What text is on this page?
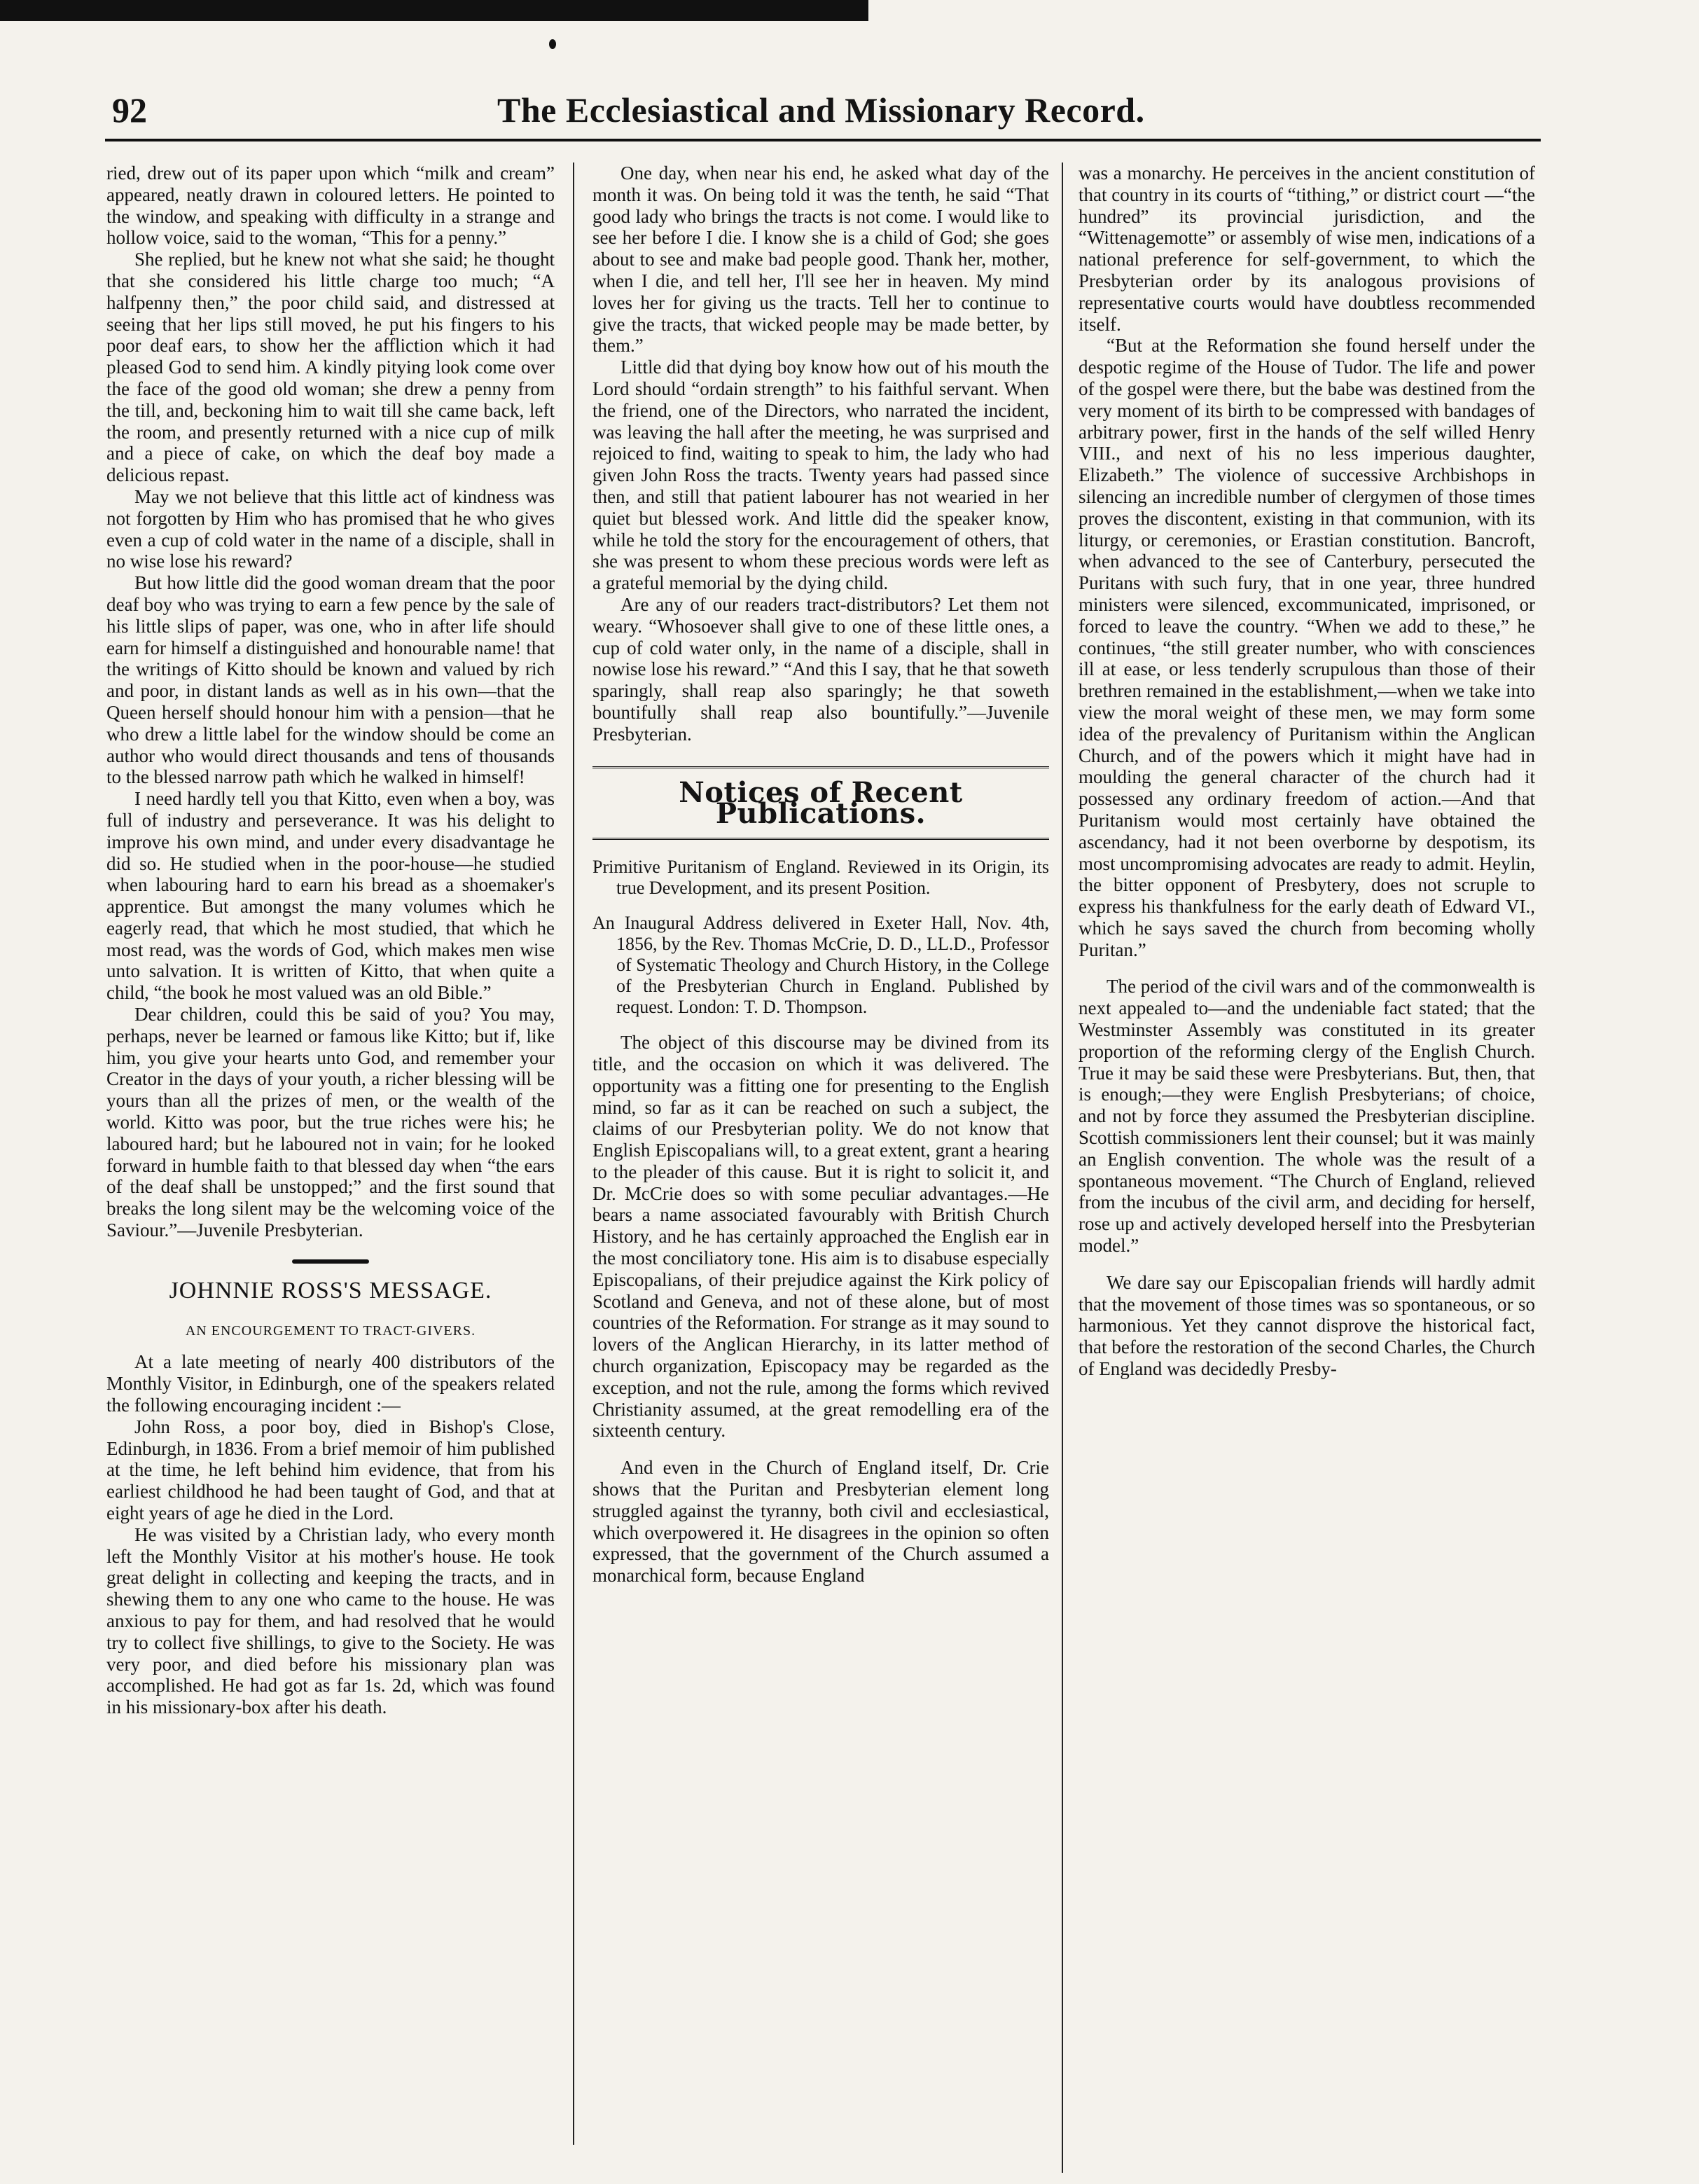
92	The Ecclesiastical and Missionary Record.

ried, drew out of its paper upon which “milk and cream” appeared, neatly drawn in coloured letters. He pointed to the window, and speaking with difficulty in a strange and hollow voice, said to the woman, “This for a penny.”

She replied, but he knew not what she said; he thought that she considered his little charge too much; “A halfpenny then,” the poor child said, and distressed at seeing that her lips still moved, he put his fingers to his poor deaf ears, to show her the affliction which it had pleased God to send him. A kindly pitying look come over the face of the good old woman; she drew a penny from the till, and, beckoning him to wait till she came back, left the room, and presently returned with a nice cup of milk and a piece of cake, on which the deaf boy made a delicious repast.

May we not believe that this little act of kindness was not forgotten by Him who has promised that he who gives even a cup of cold water in the name of a disciple, shall in no wise lose his reward?

But how little did the good woman dream that the poor deaf boy who was trying to earn a few pence by the sale of his little slips of paper, was one, who in after life should earn for himself a distinguished and honourable name! that the writings of Kitto should be known and valued by rich and poor, in distant lands as well as in his own—that the Queen herself should honour him with a pension—that he who drew a little label for the window should be come an author who would direct thousands and tens of thousands to the blessed narrow path which he walked in himself!

I need hardly tell you that Kitto, even when a boy, was full of industry and perseverance. It was his delight to improve his own mind, and under every disadvantage he did so. He studied when in the poor-house—he studied when labouring hard to earn his bread as a shoemaker's apprentice. But amongst the many volumes which he eagerly read, that which he most studied, that which he most read, was the words of God, which makes men wise unto salvation. It is written of Kitto, that when quite a child, “the book he most valued was an old Bible.”

Dear children, could this be said of you? You may, perhaps, never be learned or famous like Kitto; but if, like him, you give your hearts unto God, and remember your Creator in the days of your youth, a richer blessing will be yours than all the prizes of men, or the wealth of the world. Kitto was poor, but the true riches were his; he laboured hard; but he laboured not in vain; for he looked forward in humble faith to that blessed day when “the ears of the deaf shall be unstopped;” and the first sound that breaks the long silent may be the welcoming voice of the Saviour.”—Juvenile Presbyterian.

JOHNNIE ROSS'S MESSAGE.
AN ENCOURGEMENT TO TRACT-GIVERS.

At a late meeting of nearly 400 distributors of the Monthly Visitor, in Edinburgh, one of the speakers related the following encouraging incident :—

John Ross, a poor boy, died in Bishop's Close, Edinburgh, in 1836. From a brief memoir of him published at the time, he left behind him evidence, that from his earliest childhood he had been taught of God, and that at eight years of age he died in the Lord.

He was visited by a Christian lady, who every month left the Monthly Visitor at his mother's house. He took great delight in collecting and keeping the tracts, and in shewing them to any one who came to the house. He was anxious to pay for them, and had resolved that he would try to collect five shillings, to give to the Society. He was very poor, and died before his missionary plan was accomplished. He had got as far 1s. 2d, which was found in his missionary-box after his death.

One day, when near his end, he asked what day of the month it was. On being told it was the tenth, he said “That good lady who brings the tracts is not come. I would like to see her before I die. I know she is a child of God; she goes about to see and make bad people good. Thank her, mother, when I die, and tell her, I'll see her in heaven. My mind loves her for giving us the tracts. Tell her to continue to give the tracts, that wicked people may be made better, by them.”

Little did that dying boy know how out of his mouth the Lord should “ordain strength” to his faithful servant. When the friend, one of the Directors, who narrated the incident, was leaving the hall after the meeting, he was surprised and rejoiced to find, waiting to speak to him, the lady who had given John Ross the tracts. Twenty years had passed since then, and still that patient labourer has not wearied in her quiet but blessed work. And little did the speaker know, while he told the story for the encouragement of others, that she was present to whom these precious words were left as a grateful memorial by the dying child.

Are any of our readers tract-distributors? Let them not weary. “Whosoever shall give to one of these little ones, a cup of cold water only, in the name of a disciple, shall in nowise lose his reward.” “And this I say, that he that soweth sparingly, shall reap also sparingly; he that soweth bountifully shall reap also bountifully.”—Juvenile Presbyterian.

Notices of Recent Publications.
Primitive Puritanism of England. Reviewed in its Origin, its true Development, and its present Position.
An Inaugural Address delivered in Exeter Hall, Nov. 4th, 1856, by the Rev. Thomas McCrie, D. D., LL.D., Professor of Systematic Theology and Church History, in the College of the Presbyterian Church in England. Published by request. London: T. D. Thompson.

The object of this discourse may be divined from its title, and the occasion on which it was delivered. The opportunity was a fitting one for presenting to the English mind, so far as it can be reached on such a subject, the claims of our Presbyterian polity. We do not know that English Episcopalians will, to a great extent, grant a hearing to the pleader of this cause. But it is right to solicit it, and Dr. McCrie does so with some peculiar advantages.—He bears a name associated favourably with British Church History, and he has certainly approached the English ear in the most conciliatory tone. His aim is to disabuse especially Episcopalians, of their prejudice against the Kirk policy of Scotland and Geneva, and not of these alone, but of most countries of the Reformation. For strange as it may sound to lovers of the Anglican Hierarchy, in its latter method of church organization, Episcopacy may be regarded as the exception, and not the rule, among the forms which revived Christianity assumed, at the great remodelling era of the sixteenth century.

And even in the Church of England itself, Dr. Crie shows that the Puritan and Presbyterian element long struggled against the tyranny, both civil and ecclesiastical, which overpowered it. He disagrees in the opinion so often expressed, that the government of the Church assumed a monarchical form, because England

was a monarchy. He perceives in the ancient constitution of that country in its courts of “tithing,” or district court —“the hundred” its provincial jurisdiction, and the “Wittenagemotte” or assembly of wise men, indications of a national preference for self-government, to which the Presbyterian order by its analogous provisions of representative courts would have doubtless recommended itself.

“But at the Reformation she found herself under the despotic regime of the House of Tudor. The life and power of the gospel were there, but the babe was destined from the very moment of its birth to be compressed with bandages of arbitrary power, first in the hands of the self willed Henry VIII., and next of his no less imperious daughter, Elizabeth.” The violence of successive Archbishops in silencing an incredible number of clergymen of those times proves the discontent, existing in that communion, with its liturgy, or ceremonies, or Erastian constitution. Bancroft, when advanced to the see of Canterbury, persecuted the Puritans with such fury, that in one year, three hundred ministers were silenced, excommunicated, imprisoned, or forced to leave the country. “When we add to these,” he continues, “the still greater number, who with consciences ill at ease, or less tenderly scrupulous than those of their brethren remained in the establishment,—when we take into view the moral weight of these men, we may form some idea of the prevalency of Puritanism within the Anglican Church, and of the powers which it might have had in moulding the general character of the church had it possessed any ordinary freedom of action.—And that Puritanism would most certainly have obtained the ascendancy, had it not been overborne by despotism, its most uncompromising advocates are ready to admit. Heylin, the bitter opponent of Presbytery, does not scruple to express his thankfulness for the early death of Edward VI., which he says saved the church from becoming wholly Puritan.”

The period of the civil wars and of the commonwealth is next appealed to—and the undeniable fact stated; that the Westminster Assembly was constituted in its greater proportion of the reforming clergy of the English Church. True it may be said these were Presbyterians. But, then, that is enough;—they were English Presbyterians; of choice, and not by force they assumed the Presbyterian discipline. Scottish commissioners lent their counsel; but it was mainly an English convention. The whole was the result of a spontaneous movement. “The Church of England, relieved from the incubus of the civil arm, and deciding for herself, rose up and actively developed herself into the Presbyterian model.”

We dare say our Episcopalian friends will hardly admit that the movement of those times was so spontaneous, or so harmonious. Yet they cannot disprove the historical fact, that before the restoration of the second Charles, the Church of England was decidedly Presby-
